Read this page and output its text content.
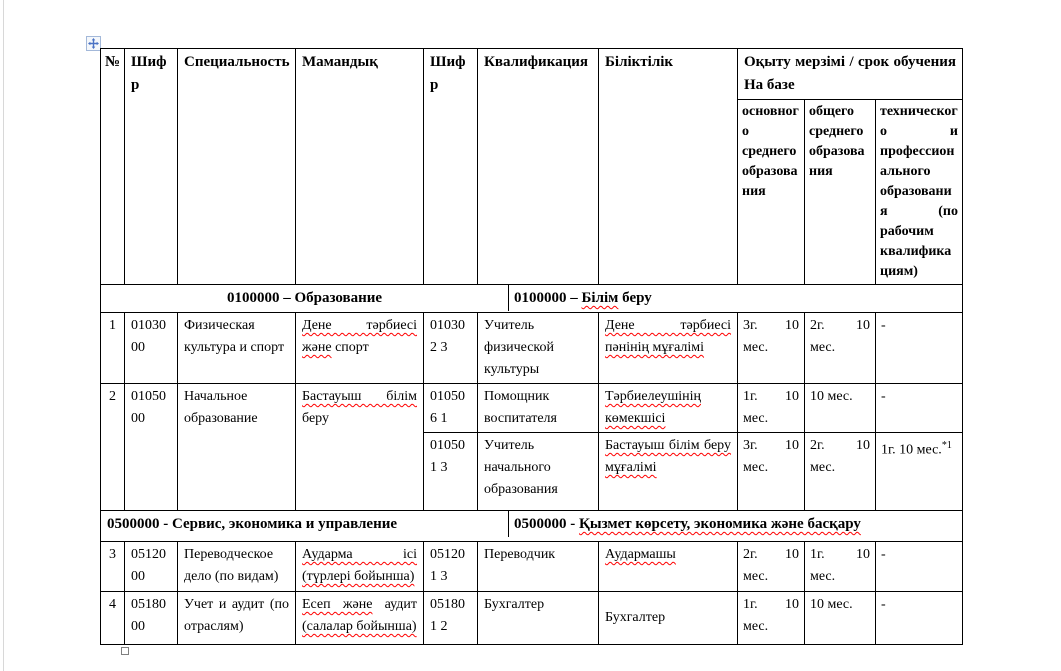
№	Шифр	Специальность	Мамандық	Шифр	Квалификация	Біліктілік	Оқыту мерзімі / срок обучения На базе		
							основного среднего образования	общего среднего образования	технического и профессионального образования (по рабочим квалификациям)

0100000 – Образование 0100000 – Білім беру									

1	01030 00	Физическая культура и спорт	Дене тәрбиесі және спорт	01030 2 3	Учитель физической культуры	Дене тәрбиесі пәнінің мұғалімі	3г. 10 мес.	2г. 10 мес.	-
2	01050 00	Начальное образование	Бастауыш білім беру	01050 6 1	Помощник воспитателя	Тәрбиелеушінің көмекшісі	1г. 10 мес.	10 мес.	-
				01050 1 3	Учитель начального образования	Бастауыш білім беру мұғалімі	3г. 10 мес.	2г. 10 мес.	1г. 10 мес.$^{*1}$

0500000 - Сервис, экономика и управление 0500000 - Қызмет көрсету, экономика және басқару									

3	05120 00	Переводческое дело (по видам)	Аударма ісі (түрлері бойынша)	05120 1 3	Переводчик	Аудармашы	2г. 10 мес.	1г. 10 мес.	-
4	05180 00	Учет и аудит (по отраслям)	Есеп және аудит (салалар бойынша)	05180 1 2	Бухгалтер	Бухгалтер	1г. 10 мес.	10 мес.	-
